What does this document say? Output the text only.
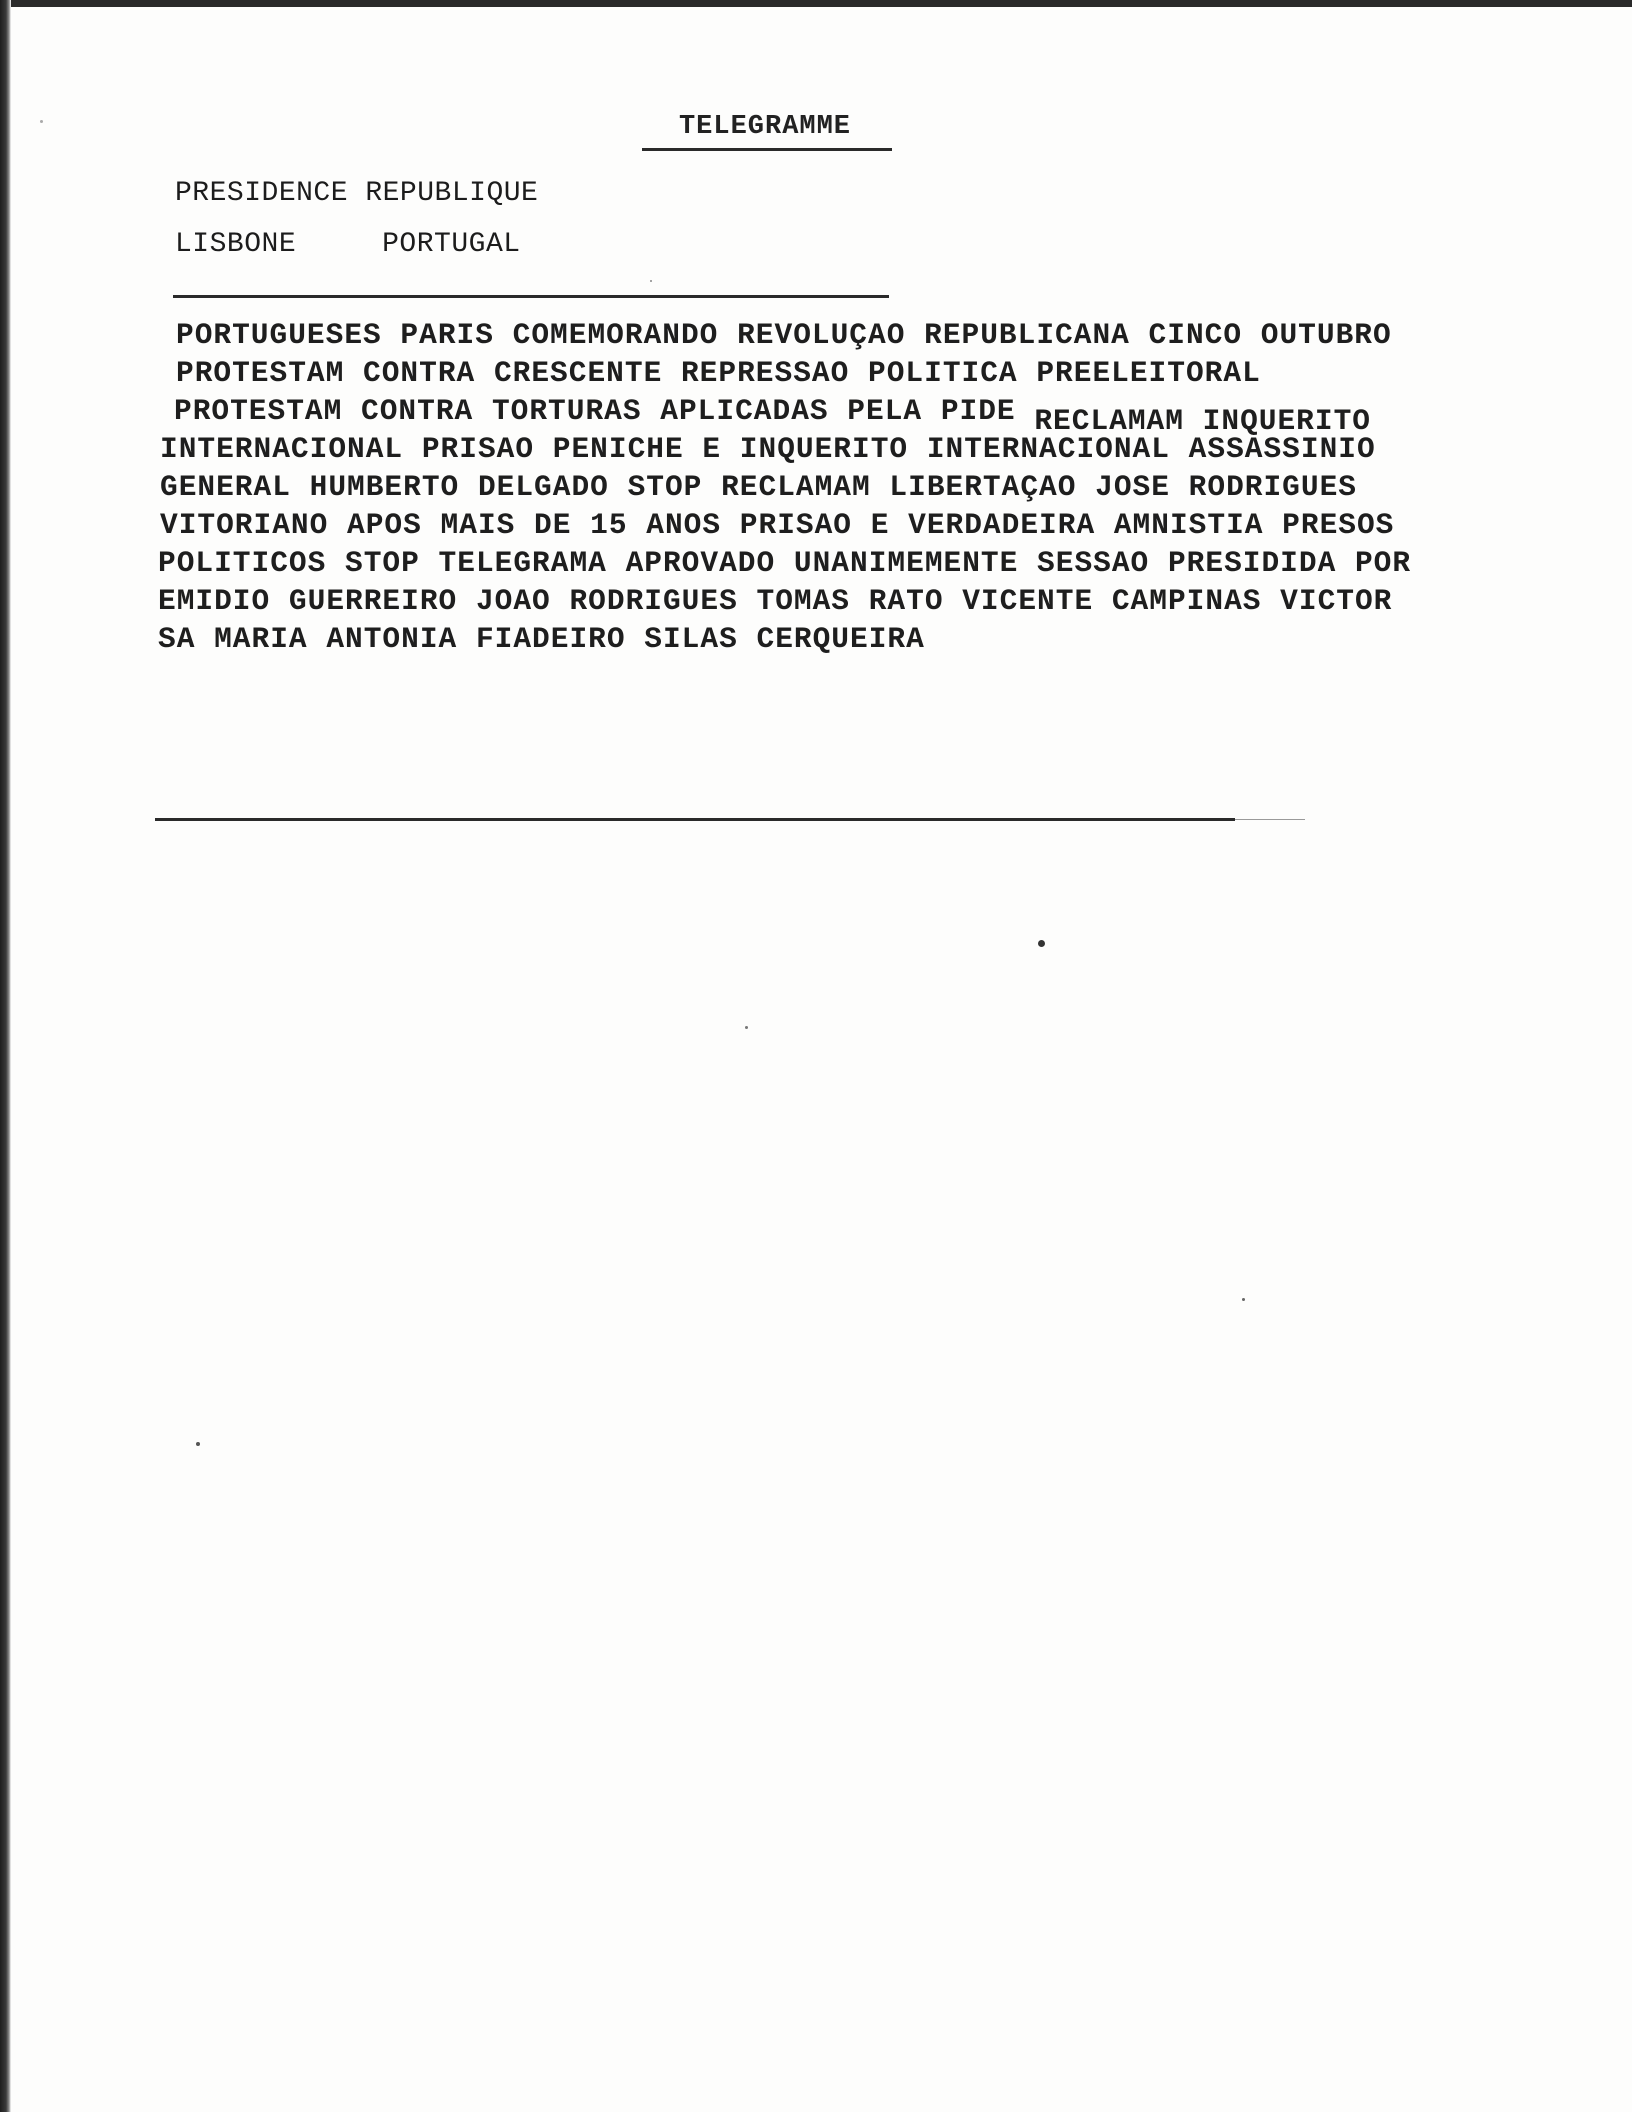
TELEGRAMME
PRESIDENCE REPUBLIQUE
LISBONE	PORTUGAL
PORTUGUESES PARIS COMEMORANDO REVOLUÇAO REPUBLICANA CINCO OUTUBRO
PROTESTAM CONTRA CRESCENTE REPRESSAO POLITICA PREELEITORAL
PROTESTAM CONTRA TORTURAS APLICADAS PELA PIDE RECLAMAM INQUERITO
INTERNACIONAL PRISAO PENICHE E INQUERITO INTERNACIONAL ASSASSINIO
GENERAL HUMBERTO DELGADO STOP RECLAMAM LIBERTAÇAO JOSE RODRIGUES
VITORIANO APOS MAIS DE 15 ANOS PRISAO E VERDADEIRA AMNISTIA PRESOS
POLITICOS STOP TELEGRAMA APROVADO UNANIMEMENTE SESSAO PRESIDIDA POR
EMIDIO GUERREIRO JOAO RODRIGUES TOMAS RATO VICENTE CAMPINAS VICTOR
SA MARIA ANTONIA FIADEIRO SILAS CERQUEIRA
